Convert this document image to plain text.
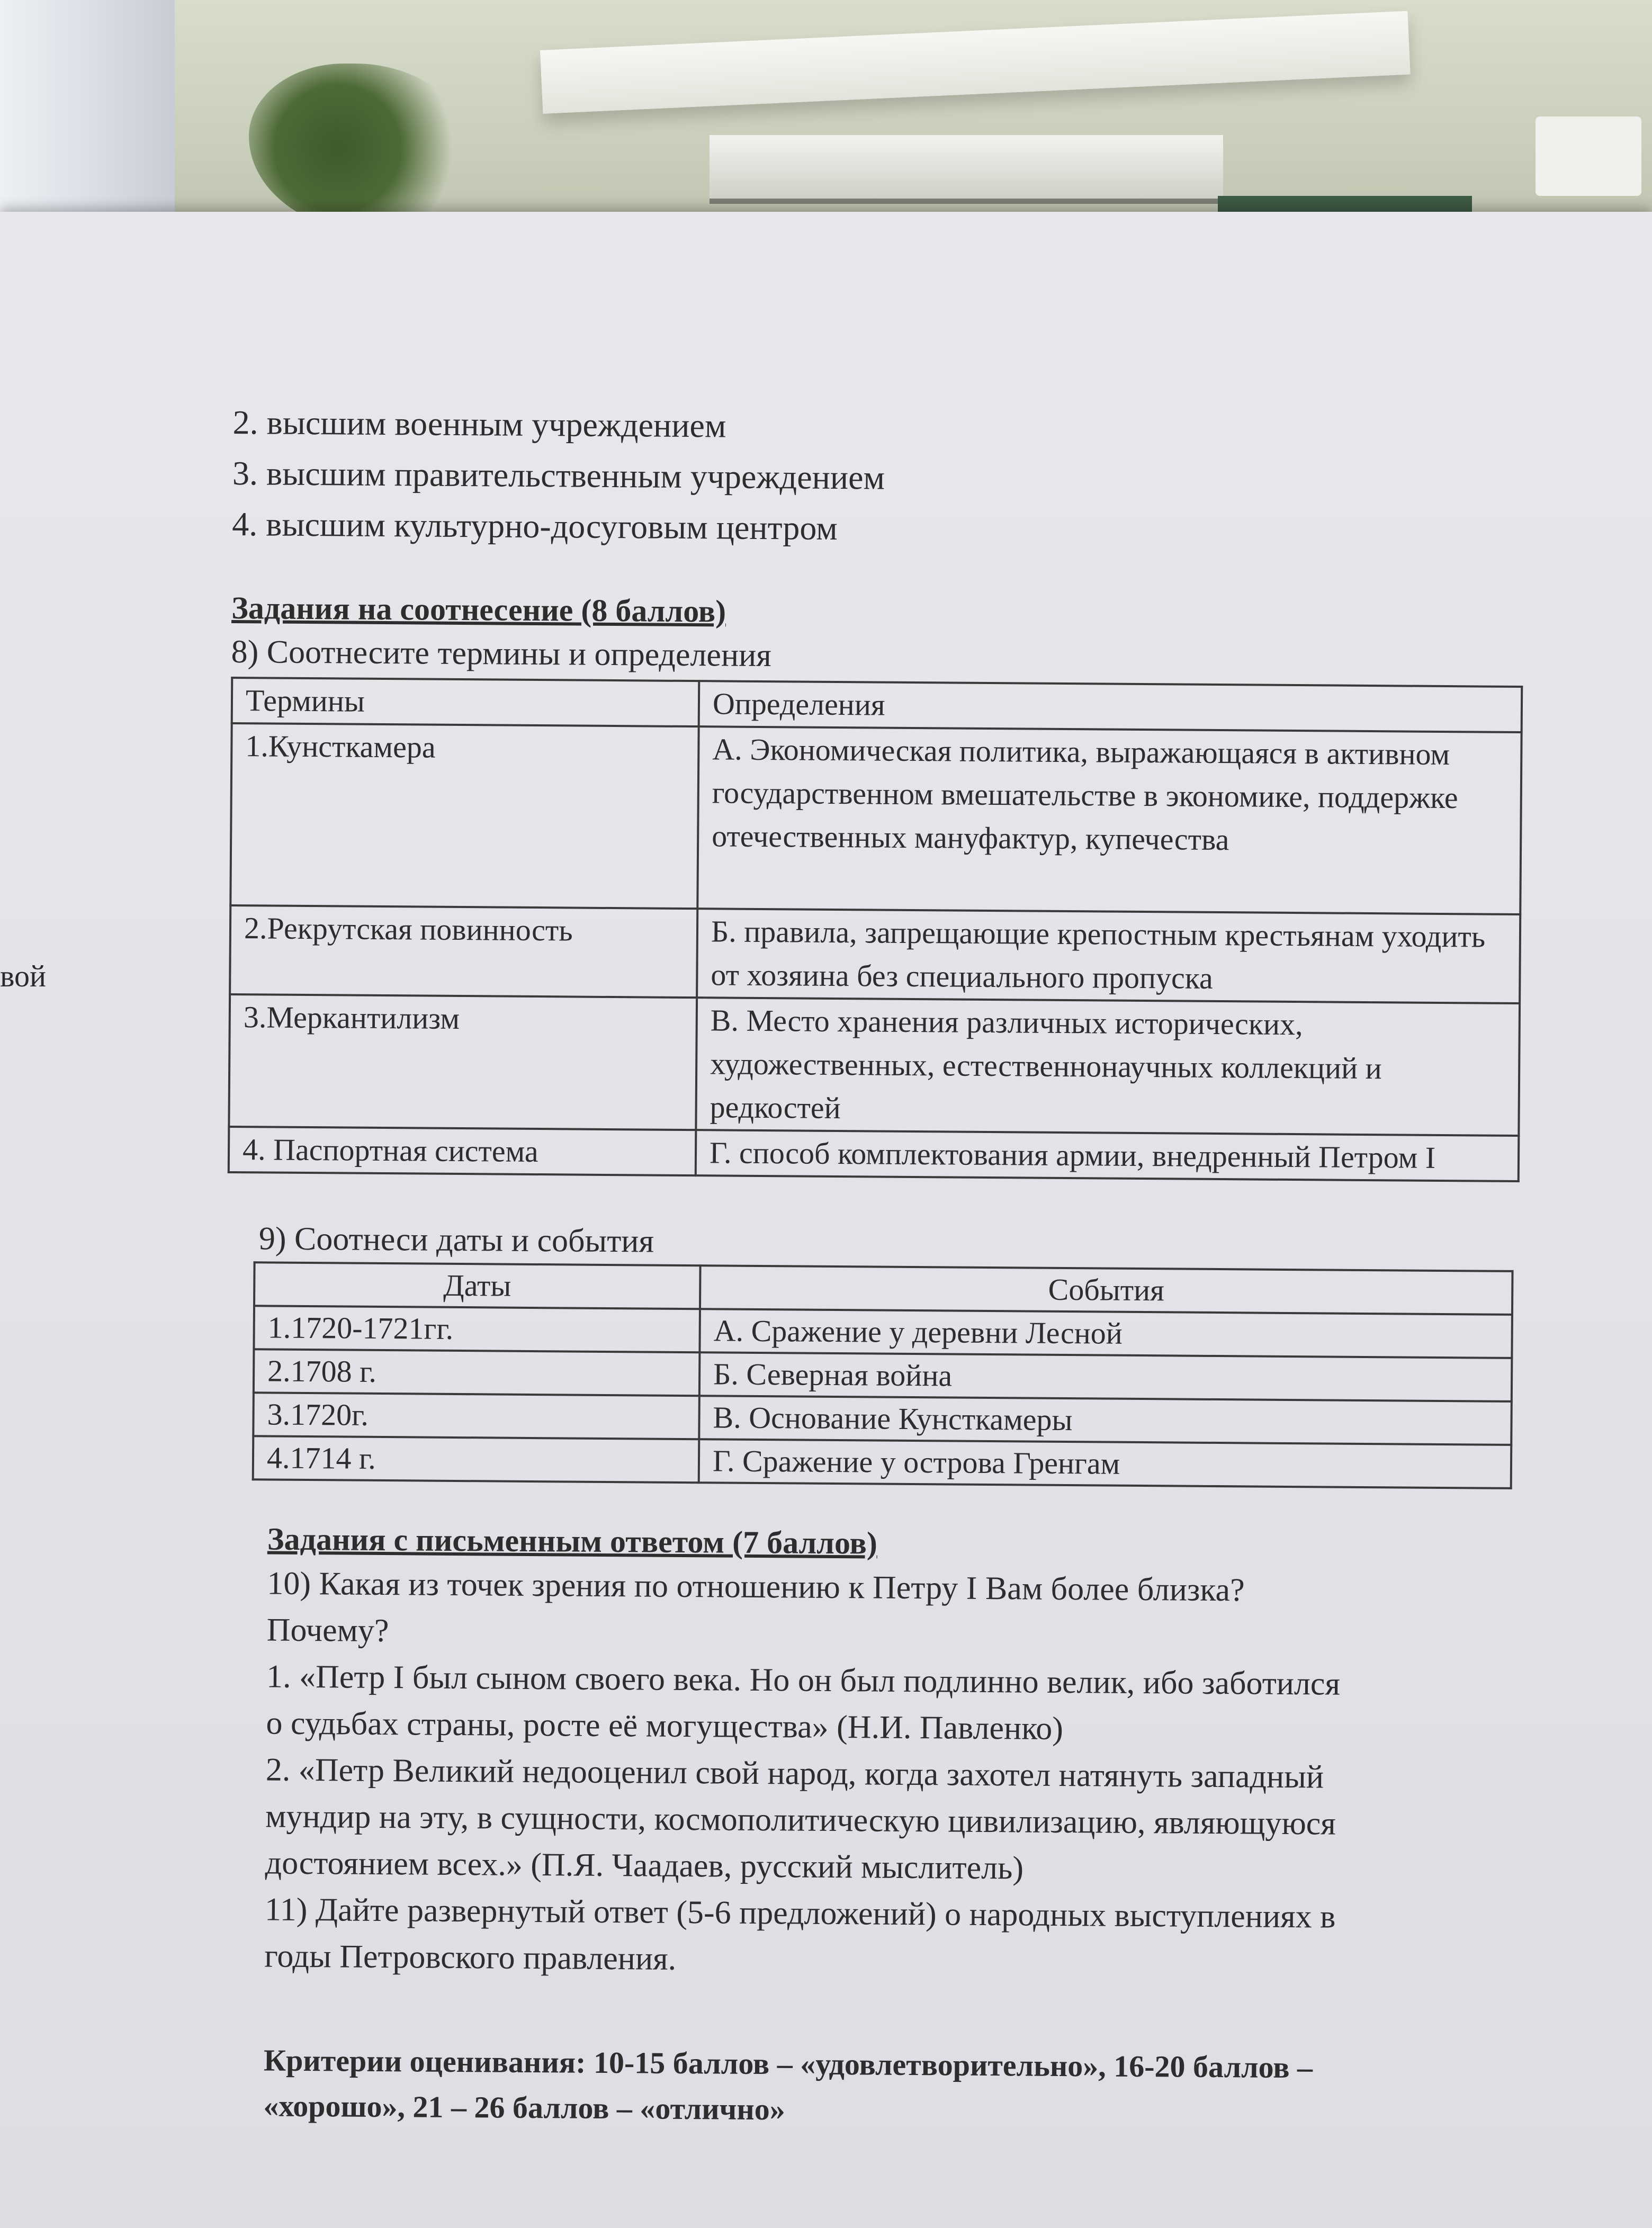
вой
2. высшим военным учреждением
3. высшим правительственным учреждением
4. высшим культурно-досуговым центром
Задания на соотнесение (8 баллов)
8) Соотнесите термины и определения
Термины	Определения
1.Кунсткамера	А. Экономическая политика, выражающаяся в активном государственном вмешательстве в экономике, поддержке отечественных мануфактур, купечества
2.Рекрутская повинность	Б. правила, запрещающие крепостным крестьянам уходить от хозяина без специального пропуска
3.Меркантилизм	В. Место хранения различных исторических, художественных, естественнонаучных коллекций и редкостей
4. Паспортная система	Г. способ комплектования армии, внедренный Петром I
9) Соотнеси даты и события
Даты	События
1.1720-1721гг.	А. Сражение у деревни Лесной
2.1708 г.	Б. Северная война
3.1720г.	В. Основание Кунсткамеры
4.1714 г.	Г. Сражение у острова Гренгам
Задания с письменным ответом (7 баллов)
10) Какая из точек зрения по отношению к Петру I Вам более близка?
Почему?
1. «Петр I был сыном своего века. Но он был подлинно велик, ибо заботился
о судьбах страны, росте её могущества» (Н.И. Павленко)
2. «Петр Великий недооценил свой народ, когда захотел натянуть западный
мундир на эту, в сущности, космополитическую цивилизацию, являющуюся
достоянием всех.» (П.Я. Чаадаев, русский мыслитель)
11) Дайте развернутый ответ (5-6 предложений) о народных выступлениях в
годы Петровского правления.
Критерии оценивания: 10-15 баллов – «удовлетворительно», 16-20 баллов –
«хорошо», 21 – 26 баллов – «отлично»
